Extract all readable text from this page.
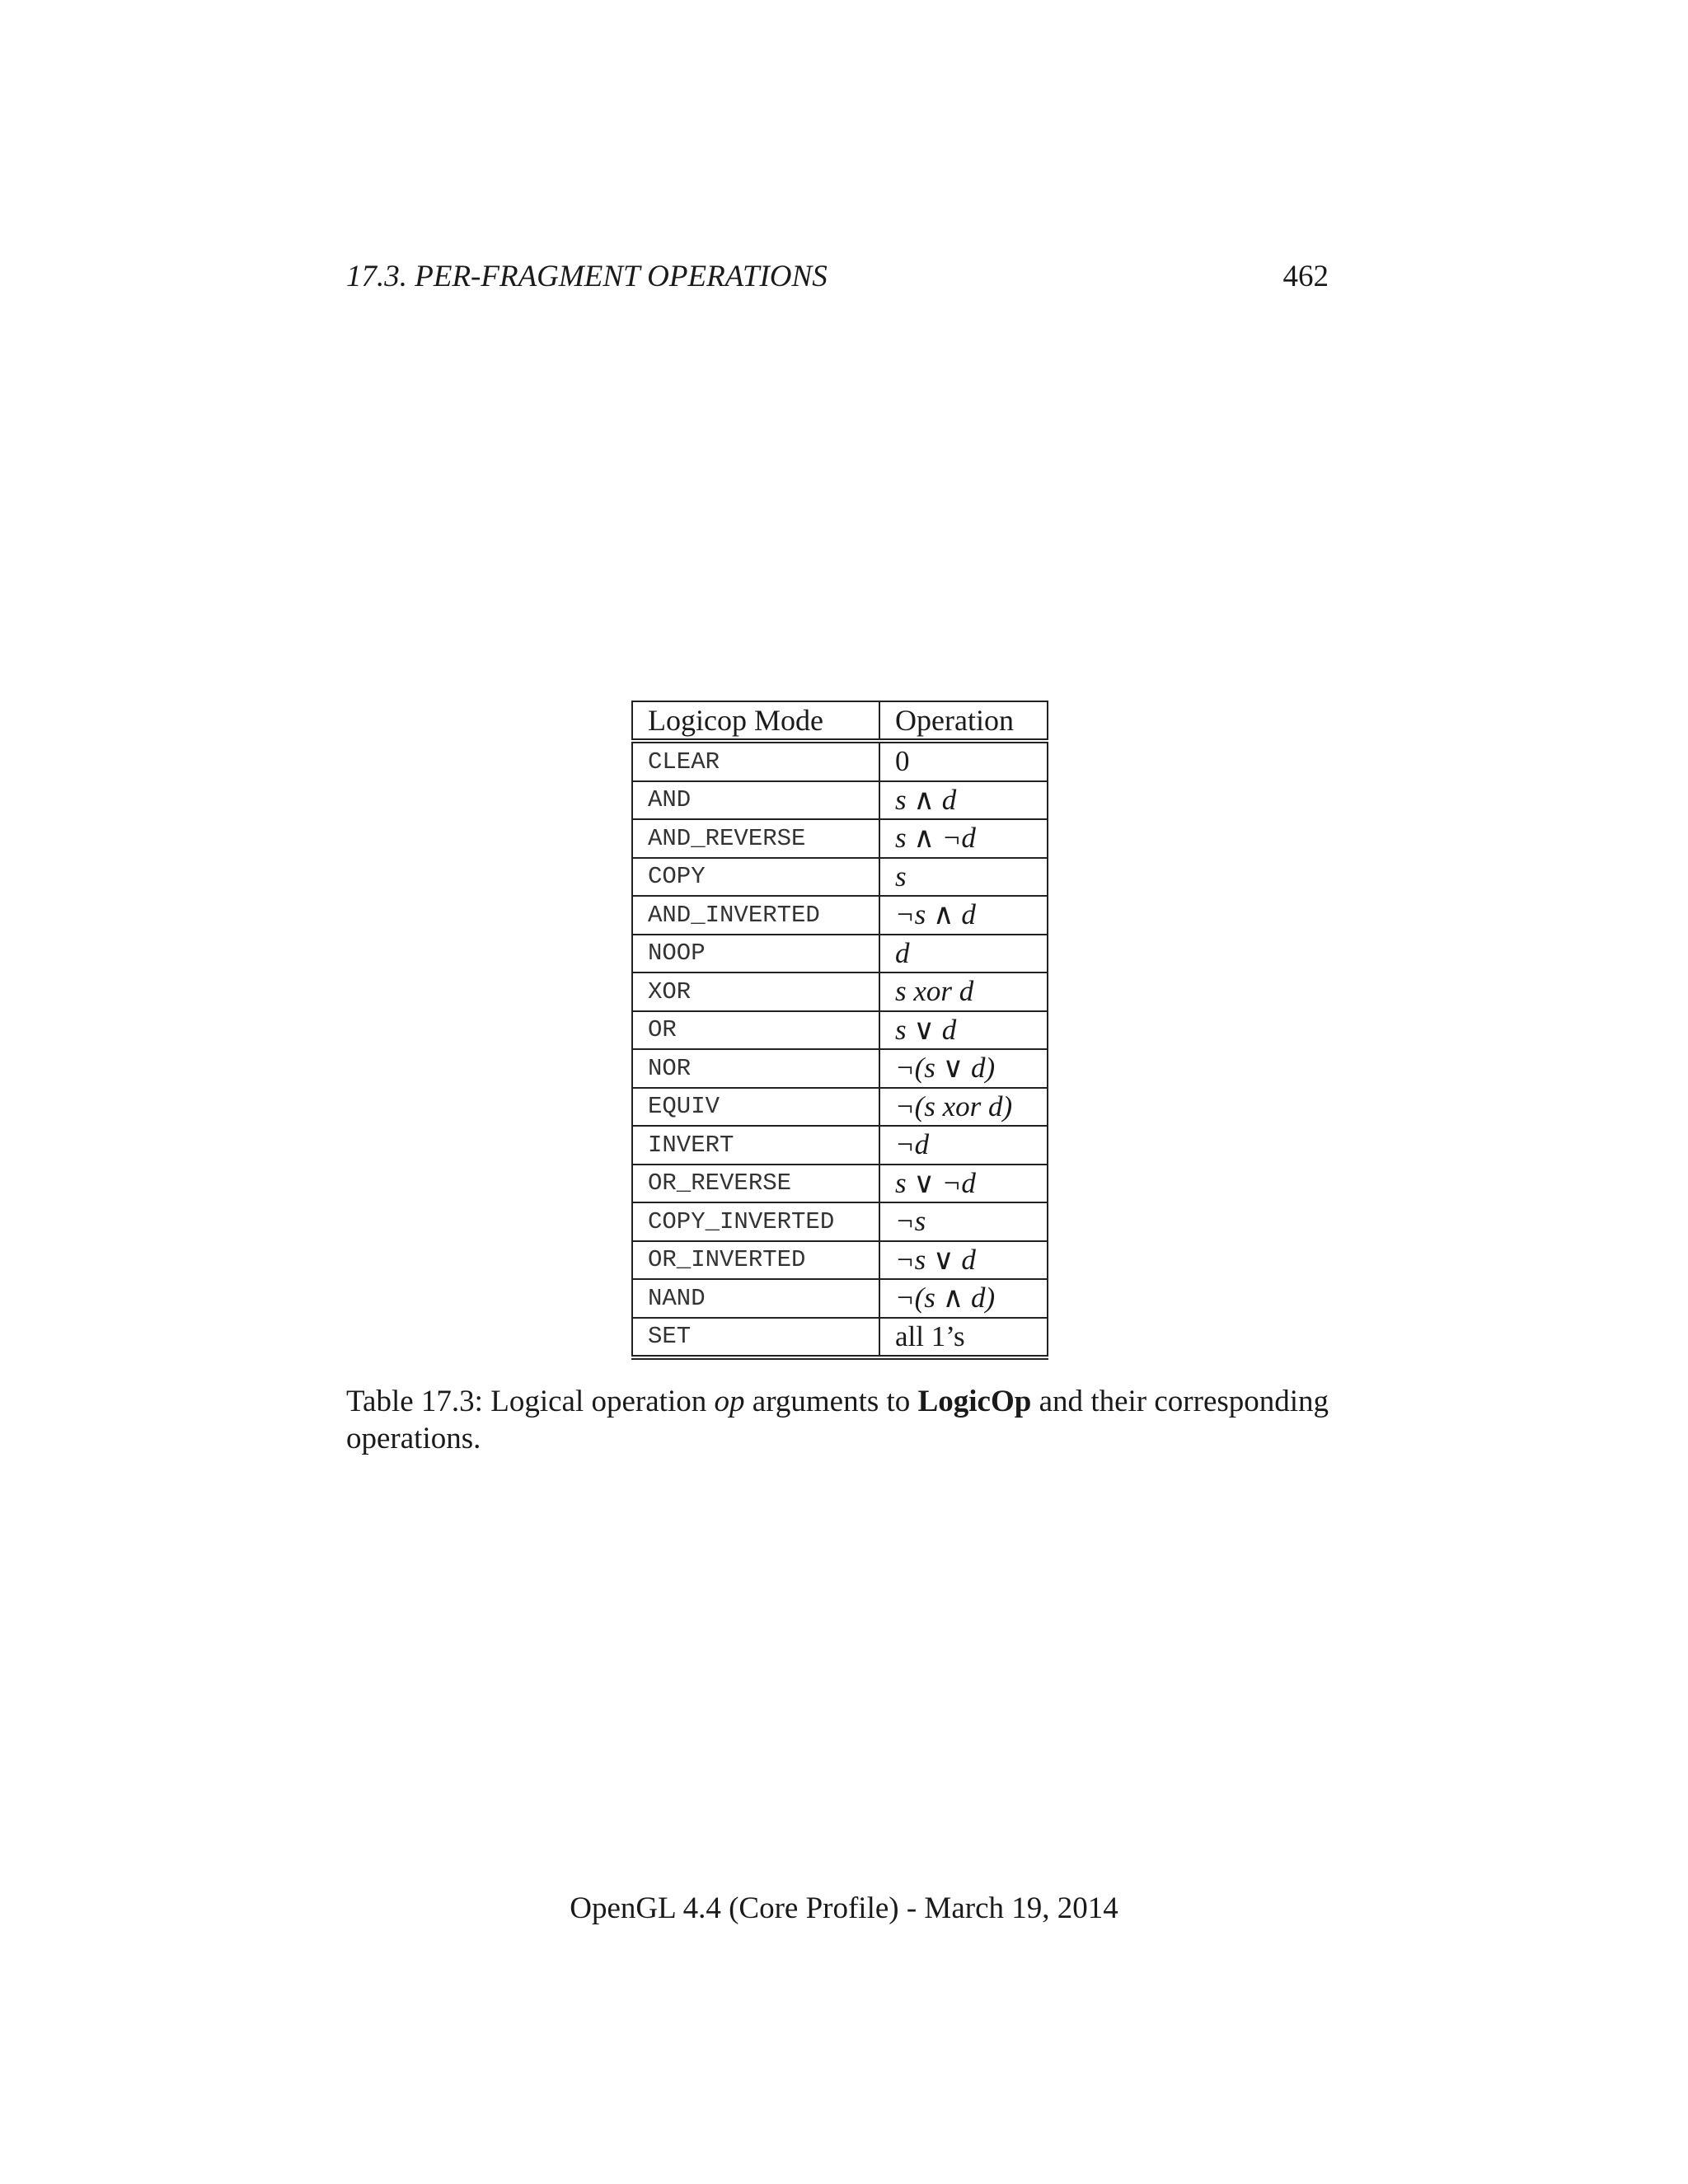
17.3. PER-FRAGMENT OPERATIONS	462
Logicop Mode	Operation
CLEAR	0
AND	s ∧ d
AND_REVERSE	s ∧ ¬d
COPY	s
AND_INVERTED	¬s ∧ d
NOOP	d
XOR	s xor d
OR	s ∨ d
NOR	¬(s ∨ d)
EQUIV	¬(s xor d)
INVERT	¬d
OR_REVERSE	s ∨ ¬d
COPY_INVERTED	¬s
OR_INVERTED	¬s ∨ d
NAND	¬(s ∧ d)
SET	all 1’s
Table 17.3: Logical operation op arguments to LogicOp and their corresponding operations.
OpenGL 4.4 (Core Profile) - March 19, 2014
